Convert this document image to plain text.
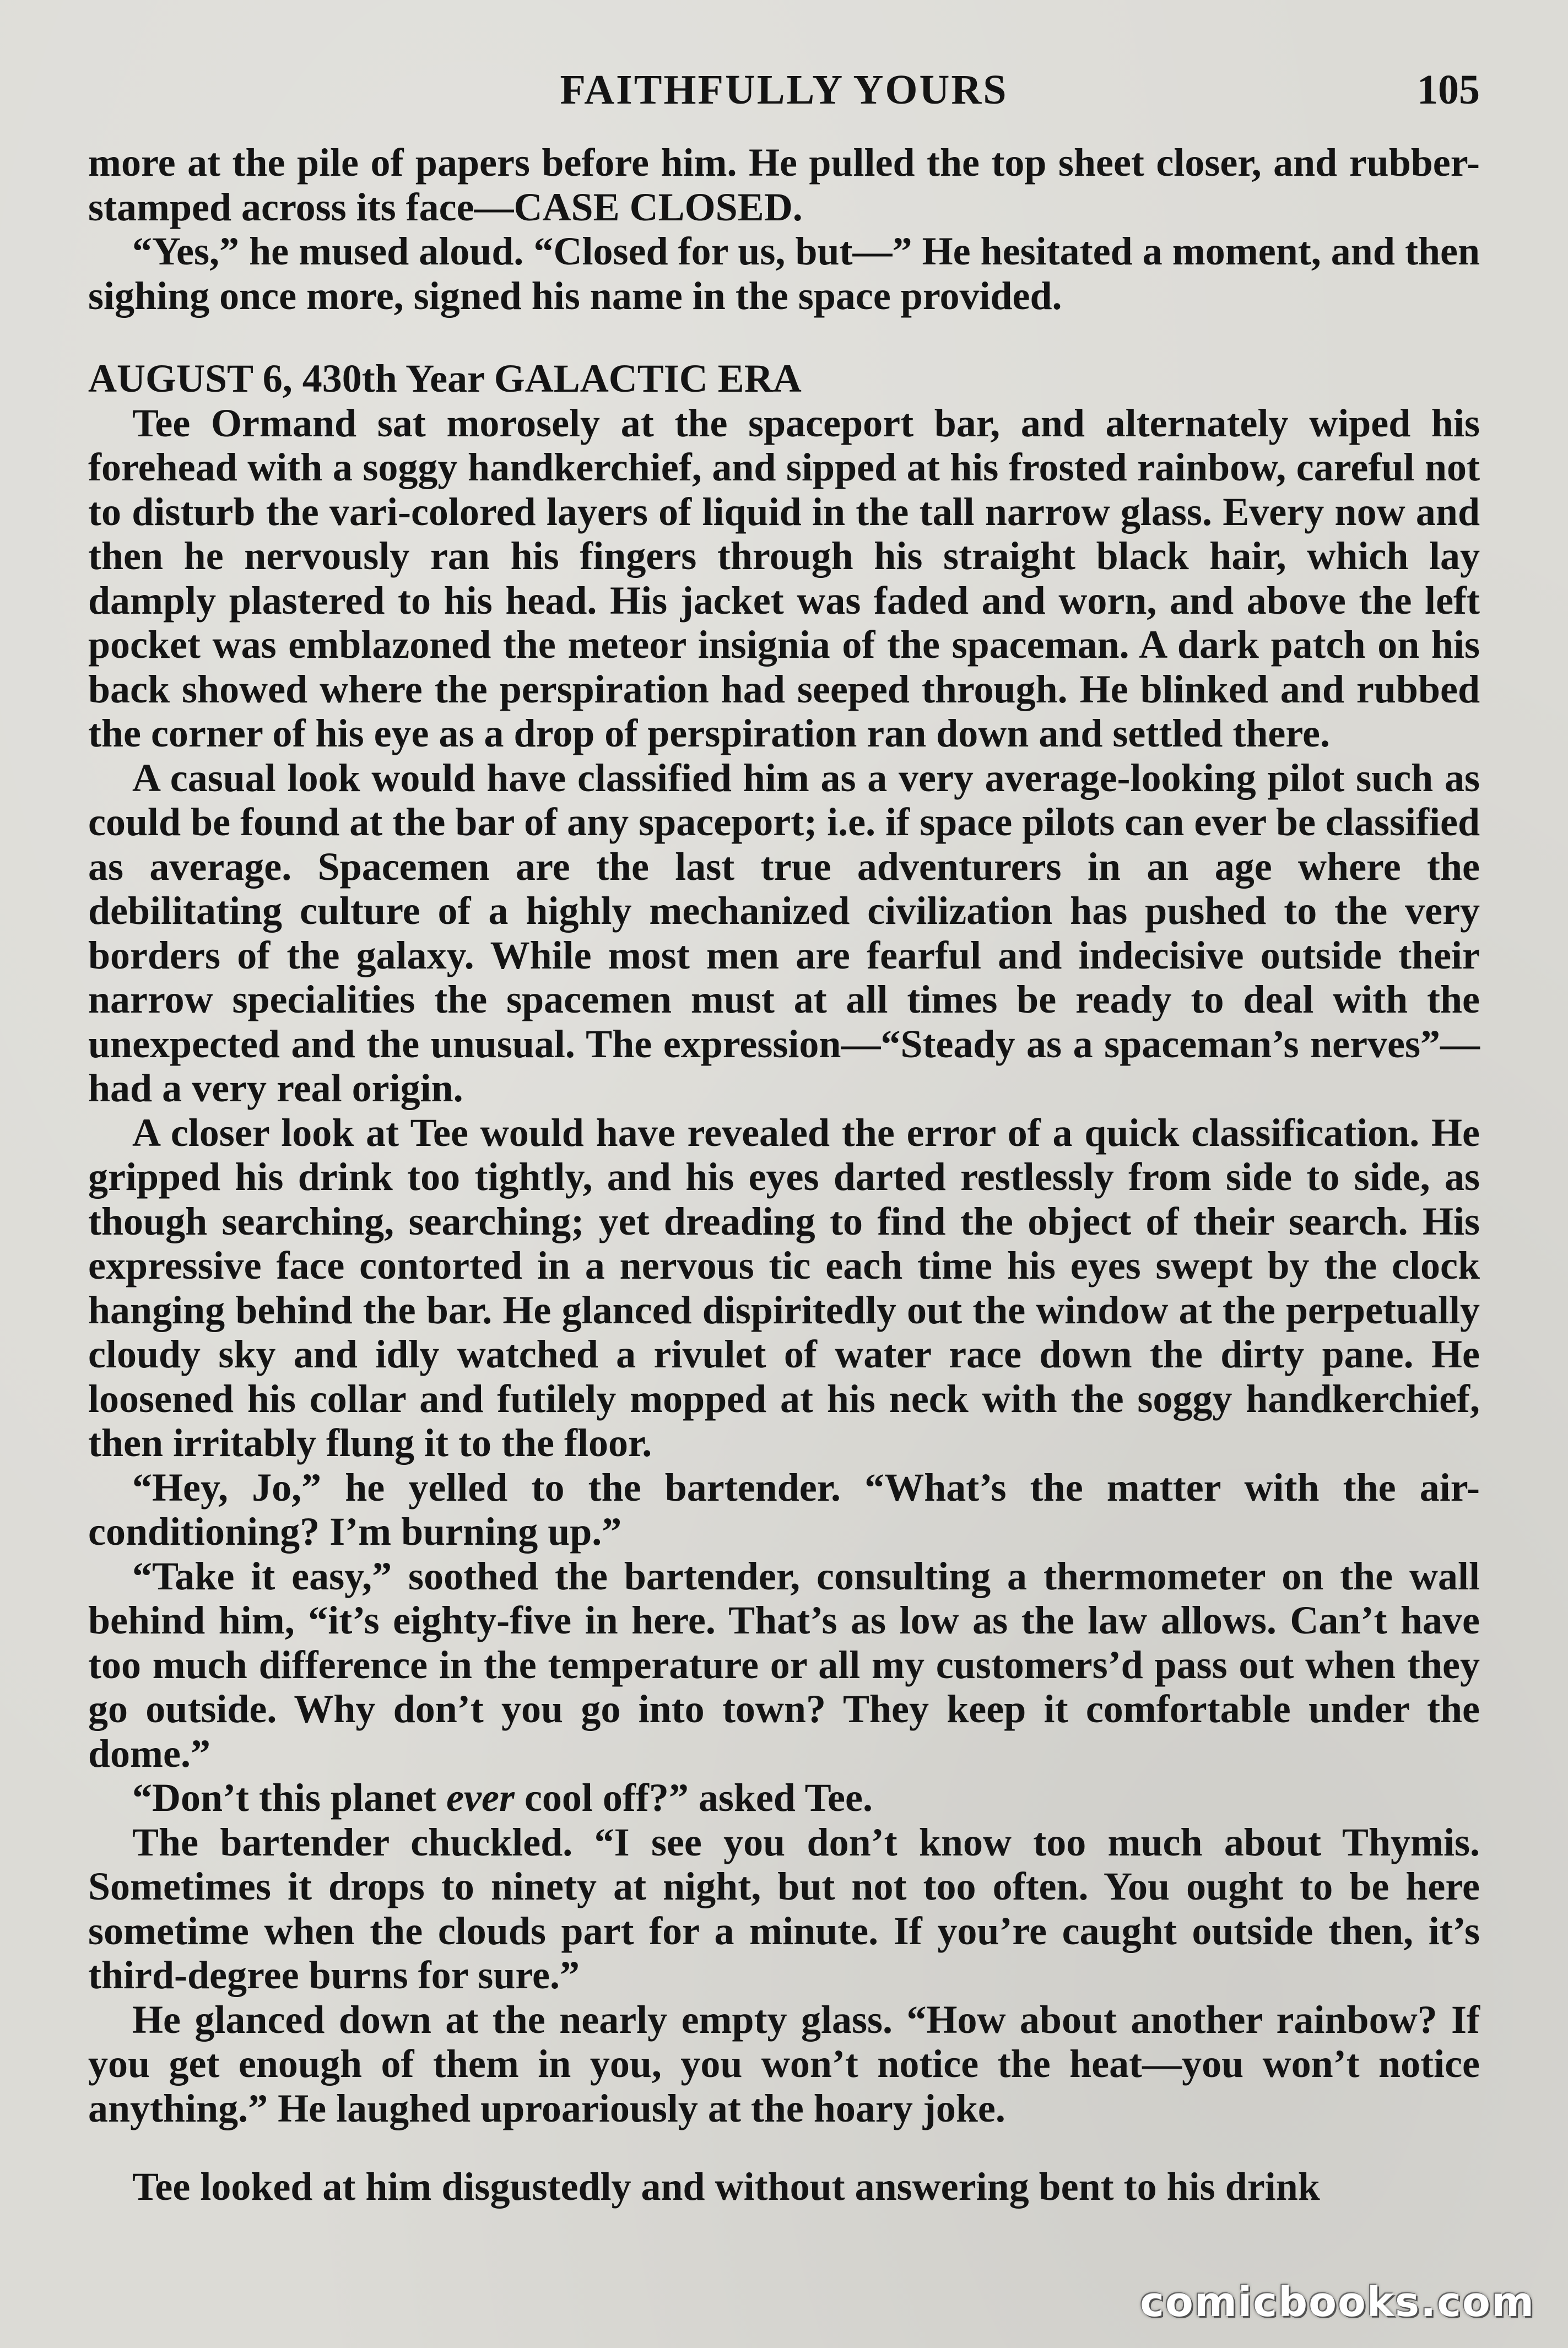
FAITHFULLY YOURS	105

more at the pile of papers before him. He pulled the top sheet closer, and rubber-stamped across its face—CASE CLOSED.

“Yes,” he mused aloud. “Closed for us, but—” He hesitated a moment, and then sighing once more, signed his name in the space provided.

AUGUST 6, 430th Year GALACTIC ERA

Tee Ormand sat morosely at the spaceport bar, and alternately wiped his forehead with a soggy handkerchief, and sipped at his frosted rainbow, careful not to disturb the vari-colored layers of liquid in the tall narrow glass. Every now and then he nervously ran his fingers through his straight black hair, which lay damply plastered to his head. His jacket was faded and worn, and above the left pocket was emblazoned the meteor insignia of the spaceman. A dark patch on his back showed where the perspiration had seeped through. He blinked and rubbed the corner of his eye as a drop of perspiration ran down and settled there.

A casual look would have classified him as a very average-looking pilot such as could be found at the bar of any spaceport; i.e. if space pilots can ever be classified as average. Spacemen are the last true adventurers in an age where the debilitating culture of a highly mechanized civilization has pushed to the very borders of the galaxy. While most men are fearful and indecisive outside their narrow specialities the spacemen must at all times be ready to deal with the unexpected and the unusual. The expression—“Steady as a spaceman’s nerves”—had a very real origin.

A closer look at Tee would have revealed the error of a quick classification. He gripped his drink too tightly, and his eyes darted restlessly from side to side, as though searching, searching; yet dreading to find the object of their search. His expressive face contorted in a nervous tic each time his eyes swept by the clock hanging behind the bar. He glanced dispiritedly out the window at the perpetually cloudy sky and idly watched a rivulet of water race down the dirty pane. He loosened his collar and futilely mopped at his neck with the soggy handkerchief, then irritably flung it to the floor.

“Hey, Jo,” he yelled to the bartender. “What’s the matter with the air-conditioning? I’m burning up.”

“Take it easy,” soothed the bartender, consulting a thermometer on the wall behind him, “it’s eighty-five in here. That’s as low as the law allows. Can’t have too much difference in the temperature or all my customers’d pass out when they go outside. Why don’t you go into town? They keep it comfortable under the dome.”

“Don’t this planet ever cool off?” asked Tee.

The bartender chuckled. “I see you don’t know too much about Thymis. Sometimes it drops to ninety at night, but not too often. You ought to be here sometime when the clouds part for a minute. If you’re caught outside then, it’s third-degree burns for sure.”

He glanced down at the nearly empty glass. “How about another rainbow? If you get enough of them in you, you won’t notice the heat—you won’t notice anything.” He laughed uproariously at the hoary joke.

Tee looked at him disgustedly and without answering bent to his drink

comicbooks.com
